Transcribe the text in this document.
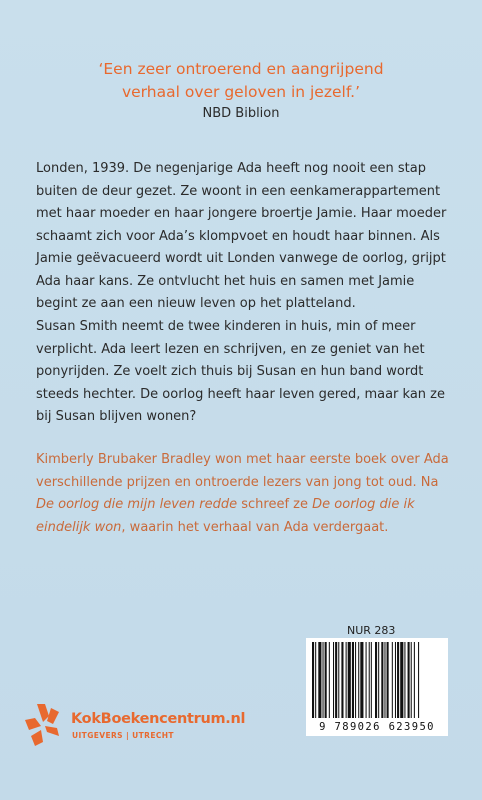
‘Een zeer ontroerend en aangrijpend
verhaal over geloven in jezelf.’
NBD Biblion

Londen, 1939. De negenjarige Ada heeft nog nooit een stap buiten de deur gezet. Ze woont in een eenkamerappartement met haar moeder en haar jongere broertje Jamie. Haar moeder schaamt zich voor Ada’s klompvoet en houdt haar binnen. Als Jamie geëvacueerd wordt uit Londen vanwege de oorlog, grijpt Ada haar kans. Ze ontvlucht het huis en samen met Jamie begint ze aan een nieuw leven op het platteland.

Susan Smith neemt de twee kinderen in huis, min of meer verplicht. Ada leert lezen en schrijven, en ze geniet van het ponyrijden. Ze voelt zich thuis bij Susan en hun band wordt steeds hechter. De oorlog heeft haar leven gered, maar kan ze bij Susan blijven wonen?

Kimberly Brubaker Bradley won met haar eerste boek over Ada verschillende prijzen en ontroerde lezers van jong tot oud. Na De oorlog die mijn leven redde schreef ze De oorlog die ik eindelijk won, waarin het verhaal van Ada verdergaat.

KokBoekencentrum.nl
UITGEVERS | UTRECHT
NUR 283
9 789026 623950
